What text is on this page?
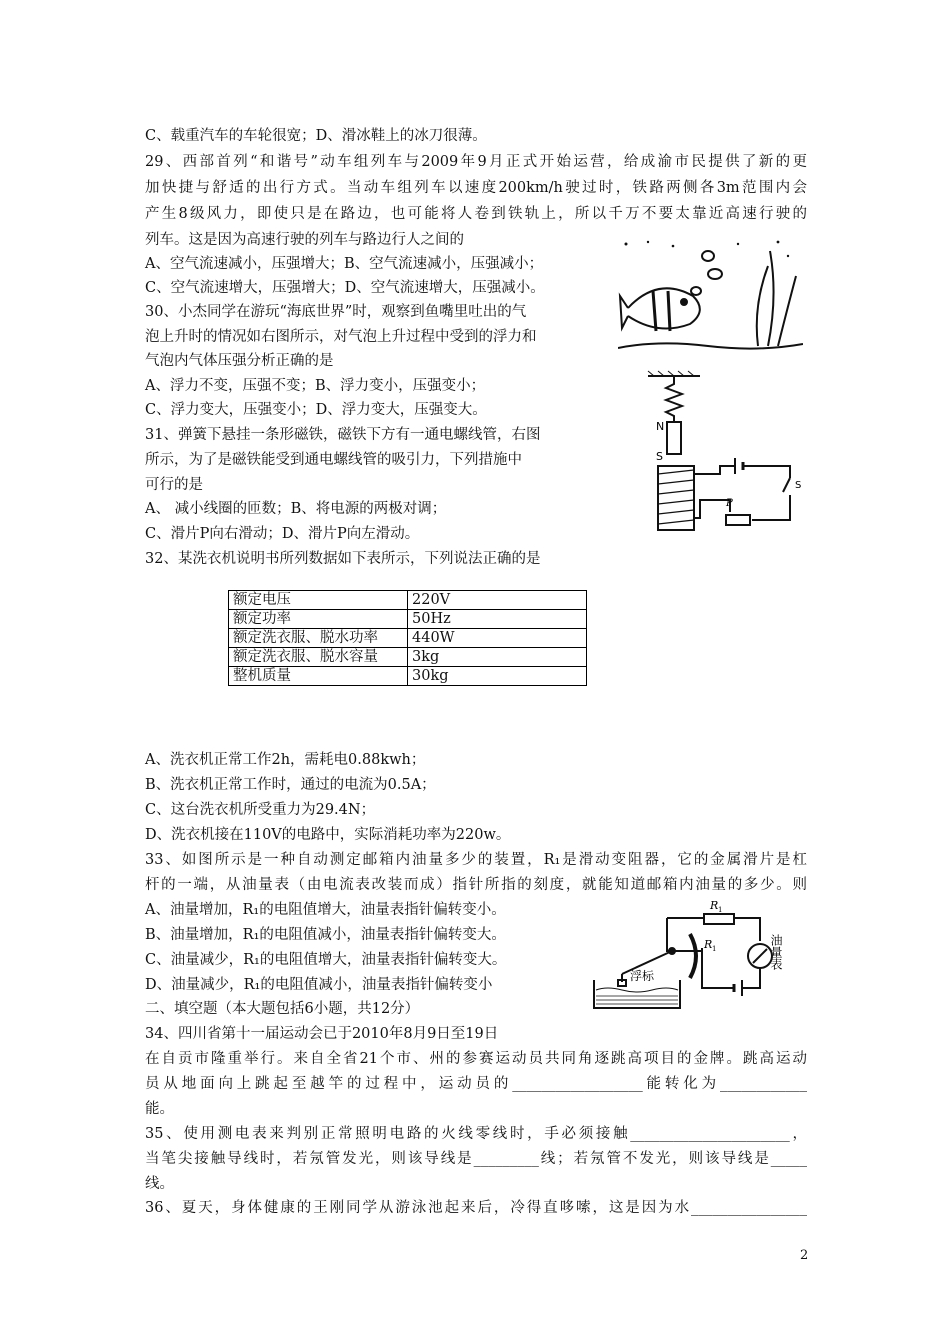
C、载重汽车的车轮很宽；D、滑冰鞋上的冰刀很薄。
29、西部首列“和谐号”动车组列车与2009年9月正式开始运营，给成渝市民提供了新的更
加快捷与舒适的出行方式。当动车组列车以速度200km/h驶过时，铁路两侧各3m范围内会
产生8级风力，即使只是在路边，也可能将人卷到铁轨上，所以千万不要太靠近高速行驶的
列车。这是因为高速行驶的列车与路边行人之间的
A、空气流速减小，压强增大；B、空气流速减小，压强减小；
C、空气流速增大，压强增大；D、空气流速增大，压强减小。
30、小杰同学在游玩“海底世界”时，观察到鱼嘴里吐出的气
泡上升时的情况如右图所示，对气泡上升过程中受到的浮力和
气泡内气体压强分析正确的是
A、浮力不变，压强不变；B、浮力变小，压强变小；
C、浮力变大，压强变小；D、浮力变大，压强变大。
31、弹簧下悬挂一条形磁铁，磁铁下方有一通电螺线管，右图
所示，为了是磁铁能受到通电螺线管的吸引力，下列措施中
可行的是
A、 减小线圈的匝数；B、将电源的两极对调；
C、滑片P向右滑动；D、滑片P向左滑动。
32、某洗衣机说明书所列数据如下表所示，下列说法正确的是
额定电压	220V
额定功率	50Hz
额定洗衣服、脱水功率	440W
额定洗衣服、脱水容量	3kg
整机质量	30kg
A、洗衣机正常工作2h，需耗电0.88kwh；
B、洗衣机正常工作时，通过的电流为0.5A；
C、这台洗衣机所受重力为29.4N；
D、洗衣机接在110V的电路中，实际消耗功率为220w。
33、如图所示是一种自动测定邮箱内油量多少的装置，R₁是滑动变阻器，它的金属滑片是杠
杆的一端，从油量表（由电流表改装而成）指针所指的刻度，就能知道邮箱内油量的多少。则
A、油量增加，R₁的电阻值增大，油量表指针偏转变小。
B、油量增加，R₁的电阻值减小，油量表指针偏转变大。
C、油量减少，R₁的电阻值增大，油量表指针偏转变大。
D、油量减少，R₁的电阻值减小，油量表指针偏转变小
二、填空题（本大题包括6小题，共12分）
34、四川省第十一届运动会已于2010年8月9日至19日
在自贡市隆重举行。来自全省21个市、州的参赛运动员共同角逐跳高项目的金牌。跳高运动
员从地面向上跳起至越竿的过程中，运动员的__________________能转化为____________
能。
35、使用测电表来判别正常照明电路的火线零线时，手必须接触______________________，
当笔尖接触导线时，若氖管发光，则该导线是_________线；若氖管不发光，则该导线是_____
线。
36、夏天，身体健康的王刚同学从游泳池起来后，冷得直哆嗦，这是因为水________________
N
S
P
S
R 1
R 1	油量表
浮标
2
